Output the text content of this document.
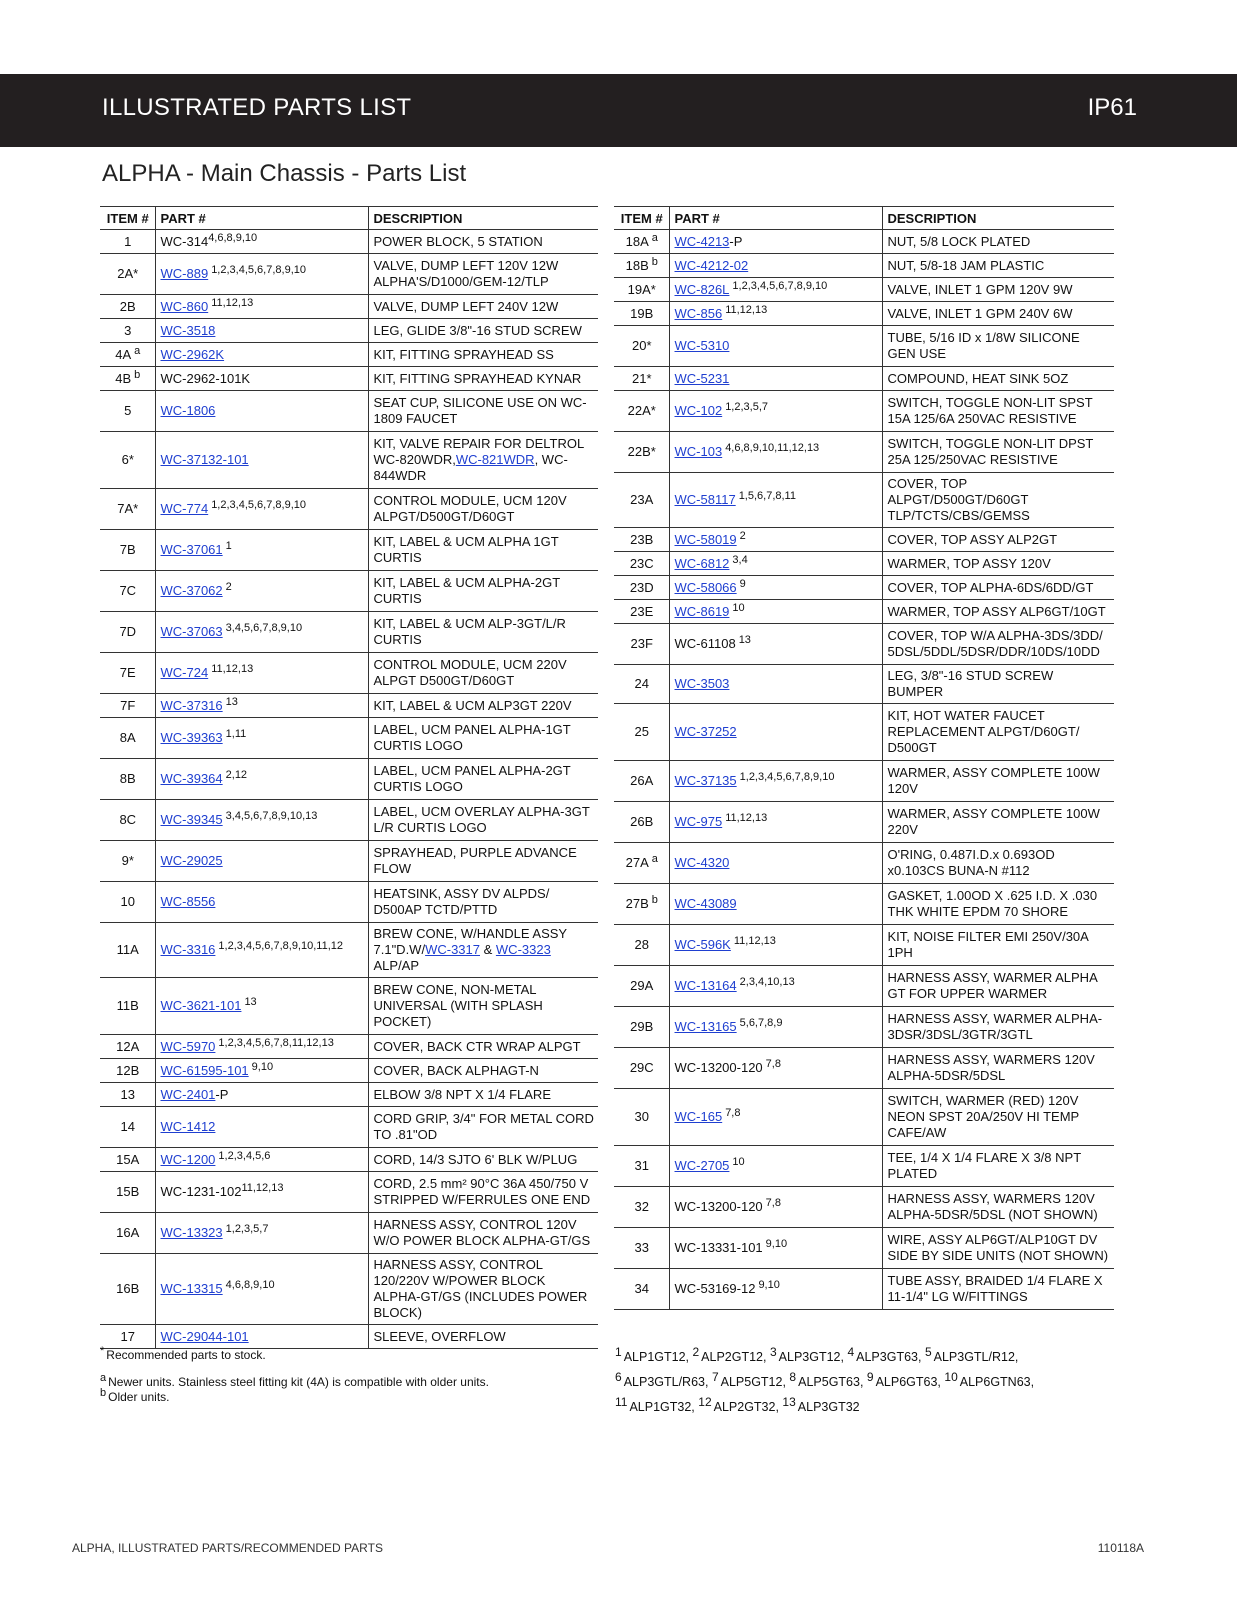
ILLUSTRATED PARTS LIST	IP61
ALPHA - Main Chassis - Parts List
ITEM #	PART #	DESCRIPTION
1	WC-314$^{4,6,8,9,10}$	POWER BLOCK, 5 STATION
2A*	WC-889 $^{1,2,3,4,5,6,7,8,9,10}$	VALVE, DUMP LEFT 120V 12W ALPHA'S/D1000/GEM-12/TLP
2B	WC-860 $^{11,12,13}$	VALVE, DUMP LEFT 240V 12W
3	WC-3518	LEG, GLIDE 3/8"-16 STUD SCREW
4A $^a$	WC-2962K	KIT, FITTING SPRAYHEAD SS
4B $^b$	WC-2962-101K	KIT, FITTING SPRAYHEAD KYNAR
5	WC-1806	SEAT CUP, SILICONE USE ON WC-1809 FAUCET
6*	WC-37132-101	KIT, VALVE REPAIR FOR DELTROL WC-820WDR,WC-821WDR, WC-844WDR
7A*	WC-774 $^{1,2,3,4,5,6,7,8,9,10}$	CONTROL MODULE, UCM 120V ALPGT/D500GT/D60GT
7B	WC-37061 $^1$	KIT, LABEL & UCM ALPHA 1GT CURTIS
7C	WC-37062 $^2$	KIT, LABEL & UCM ALPHA-2GT CURTIS
7D	WC-37063 $^{3,4,5,6,7,8,9,10}$	KIT, LABEL & UCM ALP-3GT/L/R CURTIS
7E	WC-724 $^{11,12,13}$	CONTROL MODULE, UCM 220V ALPGT D500GT/D60GT
7F	WC-37316 $^{13}$	KIT, LABEL & UCM ALP3GT 220V
8A	WC-39363 $^{1,11}$	LABEL, UCM PANEL ALPHA-1GT CURTIS LOGO
8B	WC-39364 $^{2,12}$	LABEL, UCM PANEL ALPHA-2GT CURTIS LOGO
8C	WC-39345 $^{3,4,5,6,7,8,9,10,13}$	LABEL, UCM OVERLAY ALPHA-3GT L/R CURTIS LOGO
9*	WC-29025	SPRAYHEAD, PURPLE ADVANCE FLOW
10	WC-8556	HEATSINK, ASSY DV ALPDS/ D500AP TCTD/PTTD
11A	WC-3316 $^{1,2,3,4,5,6,7,8,9,10,11,12}$	BREW CONE, W/HANDLE ASSY 7.1"D.W/WC-3317 & WC-3323 ALP/AP
11B	WC-3621-101 $^{13}$	BREW CONE, NON-METAL UNIVERSAL (WITH SPLASH POCKET)
12A	WC-5970 $^{1,2,3,4,5,6,7,8,11,12,13}$	COVER, BACK CTR WRAP ALPGT
12B	WC-61595-101 $^{9,10}$	COVER, BACK ALPHAGT-N
13	WC-2401-P	ELBOW 3/8 NPT X 1/4 FLARE
14	WC-1412	CORD GRIP, 3/4" FOR METAL CORD TO .81"OD
15A	WC-1200 $^{1,2,3,4,5,6}$	CORD, 14/3 SJTO 6' BLK W/PLUG
15B	WC-1231-102$^{11,12,13}$	CORD, 2.5 mm² 90°C 36A 450/750 V STRIPPED W/FERRULES ONE END
16A	WC-13323 $^{1,2,3,5,7}$	HARNESS ASSY, CONTROL 120V W/O POWER BLOCK ALPHA-GT/GS
16B	WC-13315 $^{4,6,8,9,10}$	HARNESS ASSY, CONTROL 120/220V W/POWER BLOCK ALPHA-GT/GS (INCLUDES POWER BLOCK)
17	WC-29044-101	SLEEVE, OVERFLOW
ITEM #	PART #	DESCRIPTION
18A $^a$	WC-4213-P	NUT, 5/8 LOCK PLATED
18B $^b$	WC-4212-02	NUT, 5/8-18 JAM PLASTIC
19A*	WC-826L $^{1,2,3,4,5,6,7,8,9,10}$	VALVE, INLET 1 GPM 120V 9W
19B	WC-856 $^{11,12,13}$	VALVE, INLET 1 GPM 240V 6W
20*	WC-5310	TUBE, 5/16 ID x 1/8W SILICONE GEN USE
21*	WC-5231	COMPOUND, HEAT SINK 5OZ
22A*	WC-102 $^{1,2,3,5,7}$	SWITCH, TOGGLE NON-LIT SPST 15A 125/6A 250VAC RESISTIVE
22B*	WC-103 $^{4,6,8,9,10,11,12,13}$	SWITCH, TOGGLE NON-LIT DPST 25A 125/250VAC RESISTIVE
23A	WC-58117 $^{1,5,6,7,8,11}$	COVER, TOP ALPGT/D500GT/D60GT TLP/TCTS/CBS/GEMSS
23B	WC-58019 $^2$	COVER, TOP ASSY ALP2GT
23C	WC-6812 $^{3,4}$	WARMER, TOP ASSY 120V
23D	WC-58066 $^9$	COVER, TOP ALPHA-6DS/6DD/GT
23E	WC-8619 $^{10}$	WARMER, TOP ASSY ALP6GT/10GT
23F	WC-61108 $^{13}$	COVER, TOP W/A ALPHA-3DS/3DD/ 5DSL/5DDL/5DSR/DDR/10DS/10DD
24	WC-3503	LEG, 3/8"-16 STUD SCREW BUMPER
25	WC-37252	KIT, HOT WATER FAUCET REPLACEMENT ALPGT/D60GT/ D500GT
26A	WC-37135 $^{1,2,3,4,5,6,7,8,9,10}$	WARMER, ASSY COMPLETE 100W 120V
26B	WC-975 $^{11,12,13}$	WARMER, ASSY COMPLETE 100W 220V
27A $^a$	WC-4320	O'RING, 0.487I.D.x 0.693OD x0.103CS BUNA-N #112
27B $^b$	WC-43089	GASKET, 1.00OD X .625 I.D. X .030 THK WHITE EPDM 70 SHORE
28	WC-596K $^{11,12,13}$	KIT, NOISE FILTER EMI 250V/30A 1PH
29A	WC-13164 $^{2,3,4,10,13}$	HARNESS ASSY, WARMER ALPHA GT FOR UPPER WARMER
29B	WC-13165 $^{5,6,7,8,9}$	HARNESS ASSY, WARMER ALPHA-3DSR/3DSL/3GTR/3GTL
29C	WC-13200-120 $^{7,8}$	HARNESS ASSY, WARMERS 120V ALPHA-5DSR/5DSL
30	WC-165 $^{7,8}$	SWITCH, WARMER (RED) 120V NEON SPST 20A/250V HI TEMP CAFE/AW
31	WC-2705 $^{10}$	TEE, 1/4 X 1/4 FLARE X 3/8 NPT PLATED
32	WC-13200-120 $^{7,8}$	HARNESS ASSY, WARMERS 120V ALPHA-5DSR/5DSL (NOT SHOWN)
33	WC-13331-101 $^{9,10}$	WIRE, ASSY ALP6GT/ALP10GT DV SIDE BY SIDE UNITS (NOT SHOWN)
34	WC-53169-12 $^{9,10}$	TUBE ASSY, BRAIDED 1/4 FLARE X 11-1/4" LG W/FITTINGS

* Recommended parts to stock.

$^a$ Newer units. Stainless steel fitting kit (4A) is compatible with older units.

$^b$ Older units.

$^1$ ALP1GT12, $^2$ ALP2GT12, $^3$ ALP3GT12, $^4$ ALP3GT63, $^5$ ALP3GTL/R12,
$^6$ ALP3GTL/R63, $^7$ ALP5GT12, $^8$ ALP5GT63, $^9$ ALP6GT63, $^{10}$ ALP6GTN63,
$^{11}$ ALP1GT32, $^{12}$ ALP2GT32, $^{13}$ ALP3GT32
ALPHA, ILLUSTRATED PARTS/RECOMMENDED PARTS	110118A
